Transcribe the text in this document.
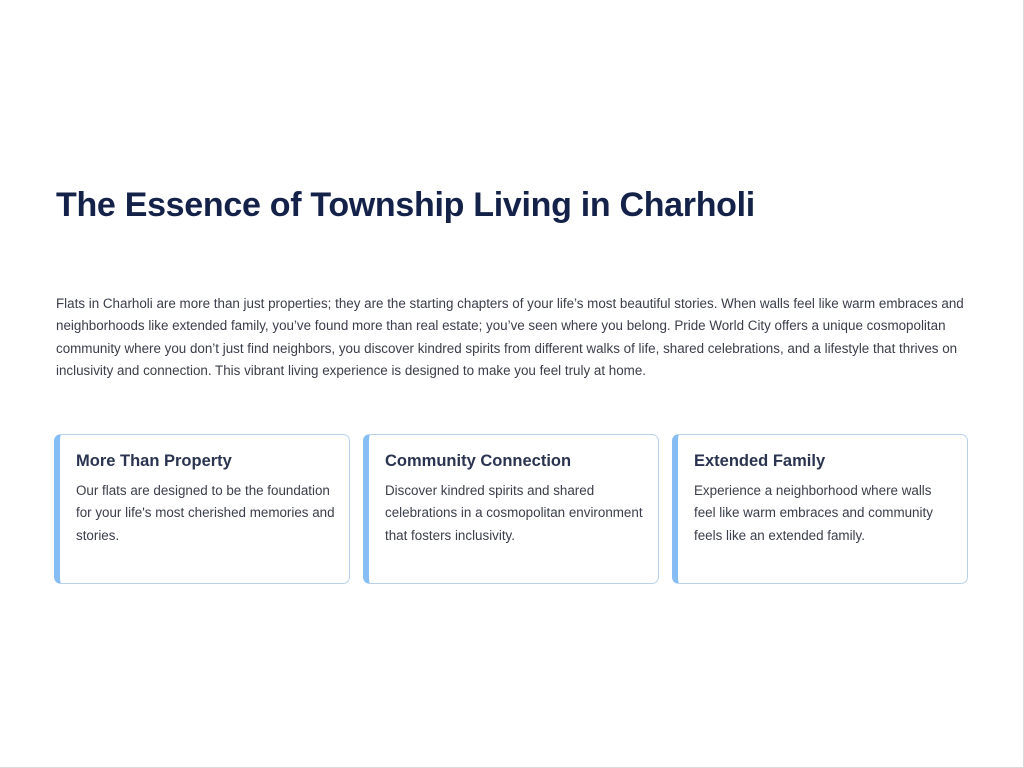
The Essence of Township Living in Charholi

Flats in Charholi are more than just properties; they are the starting chapters of your life’s most beautiful stories. When walls feel like warm embraces and neighborhoods like extended family, you’ve found more than real estate; you’ve seen where you belong. Pride World City offers a unique cosmopolitan community where you don’t just find neighbors, you discover kindred spirits from different walks of life, shared celebrations, and a lifestyle that thrives on inclusivity and connection. This vibrant living experience is designed to make you feel truly at home.

More Than Property

Our flats are designed to be the foundation for your life's most cherished memories and stories.

Community Connection

Discover kindred spirits and shared celebrations in a cosmopolitan environment that fosters inclusivity.

Extended Family

Experience a neighborhood where walls feel like warm embraces and community feels like an extended family.
